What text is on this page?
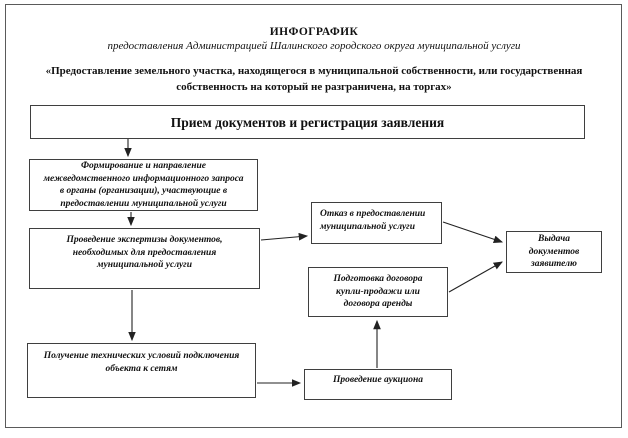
ИНФОГРАФИК
предоставления Администрацией Шалинского городского округа муниципальной услуги
«Предоставление земельного участка, находящегося в муниципальной собственности, или государственная
собственность на который не разграничена, на торгах»
Прием документов и регистрация заявления
Формирование и направление
межведомственного информационного запроса
в органы (организации), участвующие в
предоставлении муниципальной услуги
Проведение экспертизы документов,
необходимых для предоставления
муниципальной услуги
Отказ в предоставлении
муниципальной услуги
Подготовка договора
купли-продажи или
договора аренды
Выдача
документов
заявителю
Получение технических условий подключения
объекта к сетям
Проведение аукциона
